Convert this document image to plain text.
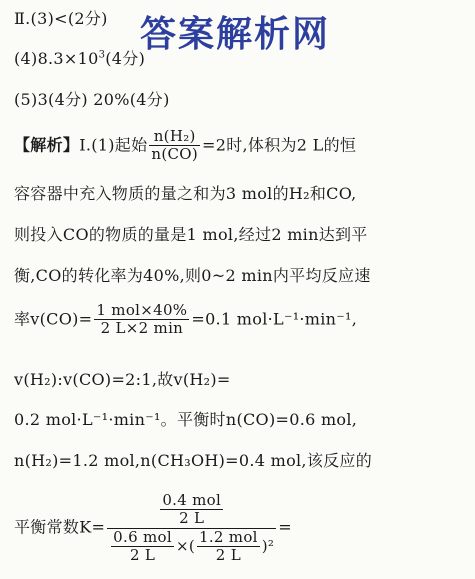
答案解析网
Ⅱ.(3)<(2分)
$(4)8.3\times 10^3(4$分)
(5)3(4分) 20%(4分)
【解析】Ⅰ.(1)起始 $\frac{\text{n(H₂)}}{n(CO)} =2$时,体积为2 L的恒
容容器中充入物质的量之和为3 mol的H₂和CO,
则投入CO的物质的量是1 mol,经过2 min达到平
衡,CO的转化率为40%,则0~2 min内平均反应速
率$v(CO)= \frac{\text{1 mol×40\%}}{2 L\times 2 \min} =0.1$ mol·L⁻¹·min⁻¹,
v(H₂):v(CO)=2:1,故v(H₂)=
0.2 mol·L⁻¹·min⁻¹。平衡时n(CO)=0.6 mol,
n(H₂)=1.2 mol,n(CH₃OH)=0.4 mol,该反应的
平衡常数$K= \frac{\frac{\text{0.4 mol}}{2 L}}{\frac{\text{0.6 mol}}{2 L} \times( \frac{\text{1.2 mol}}{2 L} )^2}$ =
